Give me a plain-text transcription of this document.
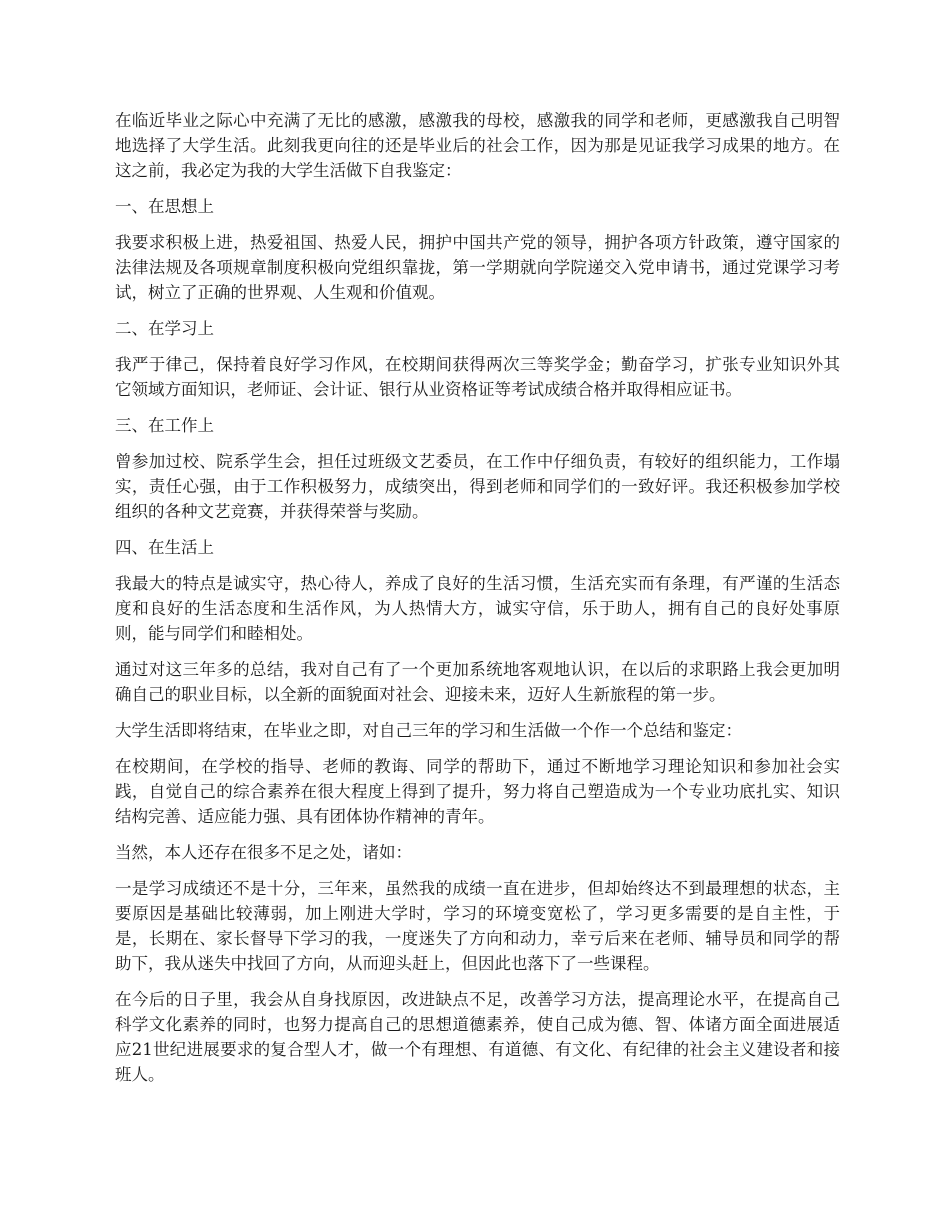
在临近毕业之际心中充满了无比的感激，感激我的母校，感激我的同学和老师，更感激我自己明智地选择了大学生活。此刻我更向往的还是毕业后的社会工作，因为那是见证我学习成果的地方。在这之前，我必定为我的大学生活做下自我鉴定：

一、在思想上

我要求积极上进，热爱祖国、热爱人民，拥护中国共产党的领导，拥护各项方针政策，遵守国家的法律法规及各项规章制度积极向党组织靠拢，第一学期就向学院递交入党申请书，通过党课学习考试，树立了正确的世界观、人生观和价值观。

二、在学习上

我严于律己，保持着良好学习作风，在校期间获得两次三等奖学金；勤奋学习，扩张专业知识外其它领域方面知识，老师证、会计证、银行从业资格证等考试成绩合格并取得相应证书。

三、在工作上

曾参加过校、院系学生会，担任过班级文艺委员，在工作中仔细负责，有较好的组织能力，工作塌实，责任心强，由于工作积极努力，成绩突出，得到老师和同学们的一致好评。我还积极参加学校组织的各种文艺竞赛，并获得荣誉与奖励。

四、在生活上

我最大的特点是诚实守，热心待人，养成了良好的生活习惯，生活充实而有条理，有严谨的生活态度和良好的生活态度和生活作风，为人热情大方，诚实守信，乐于助人，拥有自己的良好处事原则，能与同学们和睦相处。

通过对这三年多的总结，我对自己有了一个更加系统地客观地认识，在以后的求职路上我会更加明确自己的职业目标，以全新的面貌面对社会、迎接未来，迈好人生新旅程的第一步。

大学生活即将结束，在毕业之即，对自己三年的学习和生活做一个作一个总结和鉴定：

在校期间，在学校的指导、老师的教诲、同学的帮助下，通过不断地学习理论知识和参加社会实践，自觉自己的综合素养在很大程度上得到了提升，努力将自己塑造成为一个专业功底扎实、知识结构完善、适应能力强、具有团体协作精神的青年。

当然，本人还存在很多不足之处，诸如：

一是学习成绩还不是十分，三年来，虽然我的成绩一直在进步，但却始终达不到最理想的状态，主要原因是基础比较薄弱，加上刚进大学时，学习的环境变宽松了，学习更多需要的是自主性，于是，长期在、家长督导下学习的我，一度迷失了方向和动力，幸亏后来在老师、辅导员和同学的帮助下，我从迷失中找回了方向，从而迎头赶上，但因此也落下了一些课程。

在今后的日子里，我会从自身找原因，改进缺点不足，改善学习方法，提高理论水平，在提高自己科学文化素养的同时，也努力提高自己的思想道德素养，使自己成为德、智、体诸方面全面进展适应21世纪进展要求的复合型人才，做一个有理想、有道德、有文化、有纪律的社会主义建设者和接班人。
